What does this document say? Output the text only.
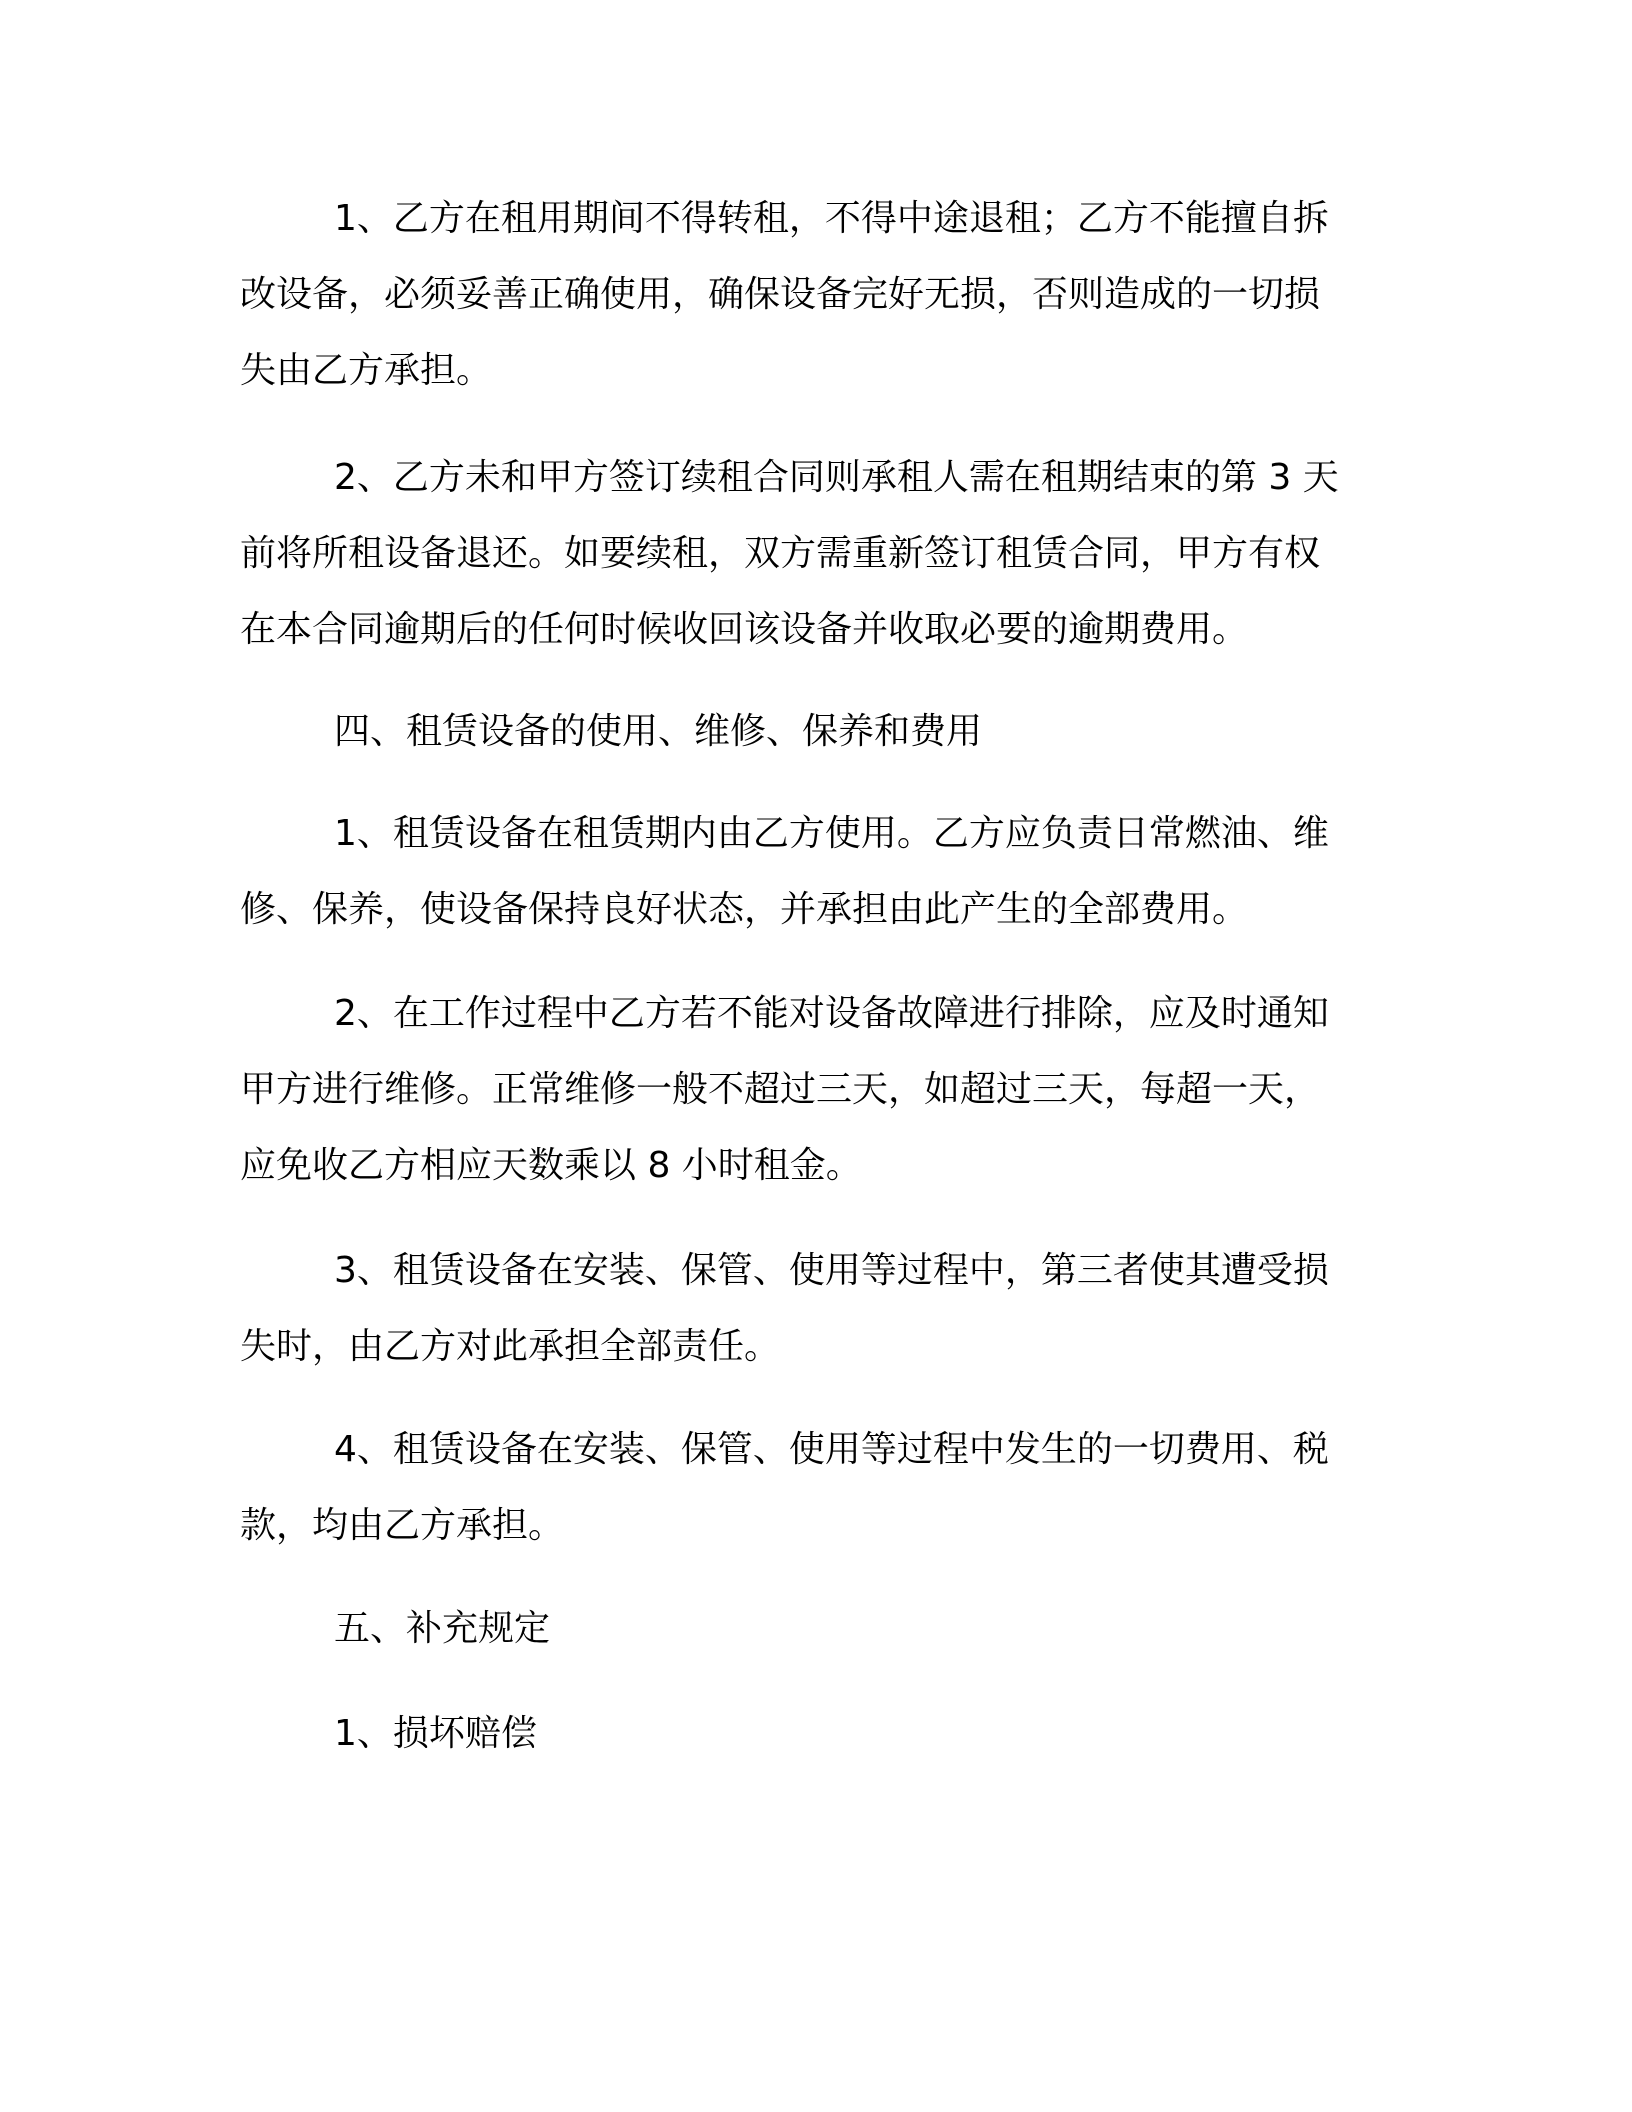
1、乙方在租用期间不得转租，不得中途退租；乙方不能擅自拆
改设备，必须妥善正确使用，确保设备完好无损，否则造成的一切损
失由乙方承担。
2、乙方未和甲方签订续租合同则承租人需在租期结束的第 3 天
前将所租设备退还。如要续租，双方需重新签订租赁合同，甲方有权
在本合同逾期后的任何时候收回该设备并收取必要的逾期费用。
四、租赁设备的使用、维修、保养和费用
1、租赁设备在租赁期内由乙方使用。乙方应负责日常燃油、维
修、保养，使设备保持良好状态，并承担由此产生的全部费用。
2、在工作过程中乙方若不能对设备故障进行排除，应及时通知
甲方进行维修。正常维修一般不超过三天，如超过三天，每超一天，
应免收乙方相应天数乘以 8 小时租金。
3、租赁设备在安装、保管、使用等过程中，第三者使其遭受损
失时，由乙方对此承担全部责任。
4、租赁设备在安装、保管、使用等过程中发生的一切费用、税
款，均由乙方承担。
五、补充规定
1、损坏赔偿
